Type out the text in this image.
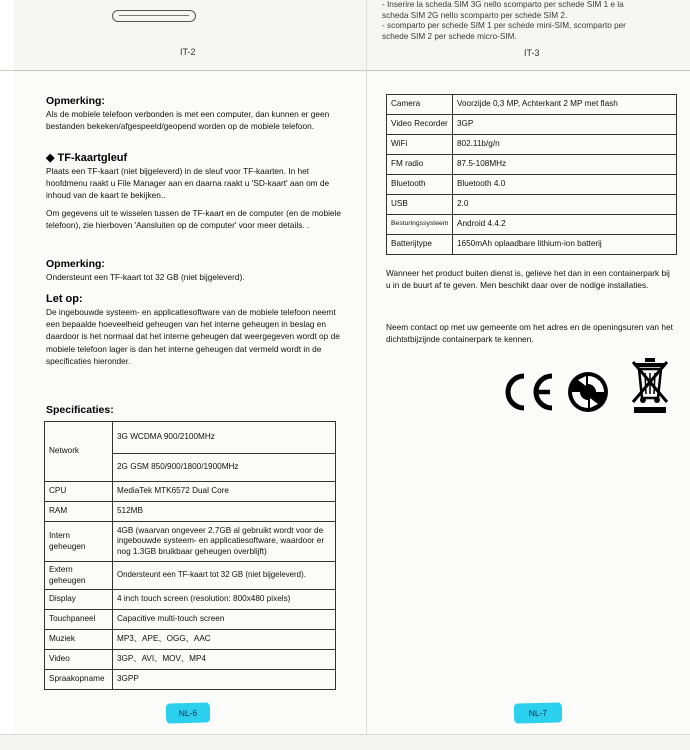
IT-2
- Inserire la scheda SIM 3G nello scomparto per schede SIM 1 e la
scheda SIM 2G nello scomparto per schede SIM 2.
- scomparto per schede SIM 1 per schede mini-SIM, scomparto per
schede SIM 2 per schede micro-SIM.
IT-3
Opmerking:
Als de mobiele telefoon verbonden is met een computer, dan kunnen er geen bestanden bekeken/afgespeeld/geopend worden op de mobiele telefoon.
◆ TF-kaartgleuf
Plaats een TF-kaart (niet bijgeleverd) in de sleuf voor TF-kaarten. In het hoofdmenu raakt u File Manager aan en daarna raakt u 'SD-kaart' aan om de inhoud van de kaart te bekijken..
Om gegevens uit te wisselen tussen de TF-kaart en de computer (en de mobiele telefoon), zie hierboven 'Aansluiten op de computer' voor meer details. .
Opmerking:
Ondersteunt een TF-kaart tot 32 GB (niet bijgeleverd).
Let op:
De ingebouwde systeem- en applicatiesoftware van de mobiele telefoon neemt een bepaalde hoeveelheid geheugen van het interne geheugen in beslag en daardoor is het normaal dat het interne geheugen dat weergegeven wordt op de mobiele telefoon lager is dan het interne geheugen dat vermeld wordt in de specificaties hieronder.
Specificaties:
Network	3G WCDMA 900/2100MHz
	2G GSM 850/900/1800/1900MHz
CPU	MediaTek MTK6572 Dual Core
RAM	512MB
Intern geheugen	4GB (waarvan ongeveer 2.7GB al gebruikt wordt voor de ingebouwde systeem- en applicatiesoftware, waardoor er nog 1.3GB bruikbaar geheugen overblijft)
Extern geheugen	Ondersteunt een TF-kaart tot 32 GB (niet bijgeleverd).
Display	4 inch touch screen (resolution: 800x480 pixels)
Touchpaneel	Capacitive multi-touch screen
Muziek	MP3、APE、OGG、AAC
Video	3GP、AVI、MOV、MP4
Spraakopname	3GPP
NL-6
Camera	Voorzijde 0,3 MP, Achterkant 2 MP met flash
Video Recorder	3GP
WiFi	802.11b/g/n
FM radio	87.5-108MHz
Bluetooth	Bluetooth 4.0
USB	2.0
Besturingssysteem	Android 4.4.2
Batterijtype	1650mAh oplaadbare lithium-ion batterij
Wanneer het product buiten dienst is, gelieve het dan in een containerpark bij u in de buurt af te geven. Men beschikt daar over de nodige installaties.
Neem contact op met uw gemeente om het adres en de openingsuren van het dichtstbijzijnde containerpark te kennen.
NL-7
